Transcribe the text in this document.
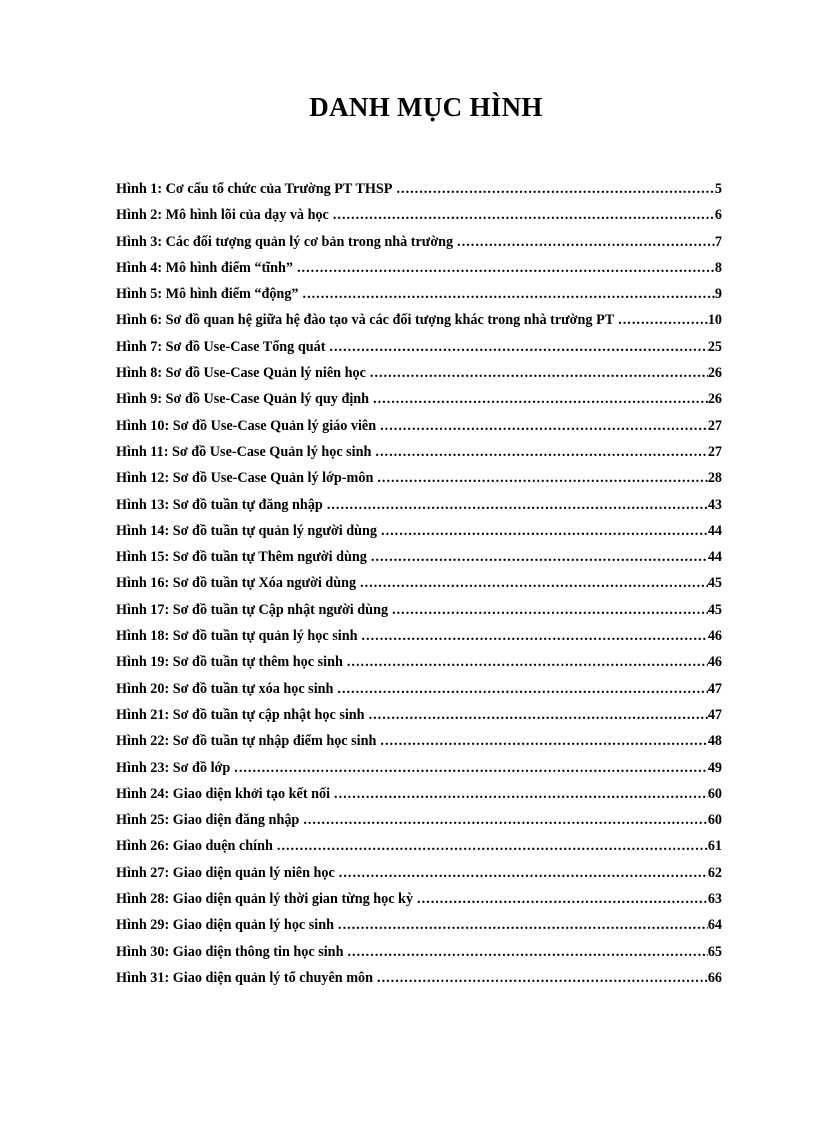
DANH MỤC HÌNH
Hình 1: Cơ cấu tổ chức của Trường PT THSP .....	5
Hình 2: Mô hình lõi của dạy và học .....	6
Hình 3: Các đối tượng quản lý cơ bản trong nhà trường .....	7
Hình 4: Mô hình điểm “tĩnh” .....	8
Hình 5: Mô hình điểm “động” .....	9
Hình 6: Sơ đồ quan hệ giữa hệ đào tạo và các đối tượng khác trong nhà trường PT .....	10
Hình 7: Sơ đồ Use-Case Tổng quát .....	25
Hình 8: Sơ đồ Use-Case Quản lý niên học .....	26
Hình 9: Sơ đồ Use-Case Quản lý quy định .....	26
Hình 10: Sơ đồ Use-Case Quản lý giáo viên .....	27
Hình 11: Sơ đồ Use-Case Quản lý học sinh .....	27
Hình 12: Sơ đồ Use-Case Quản lý lớp-môn .....	28
Hình 13: Sơ đồ tuần tự đăng nhập .....	43
Hình 14: Sơ đồ tuần tự quản lý người dùng .....	44
Hình 15: Sơ đồ tuần tự Thêm người dùng .....	44
Hình 16: Sơ đồ tuần tự Xóa người dùng .....	45
Hình 17: Sơ đồ tuần tự Cập nhật người dùng .....	45
Hình 18: Sơ đồ tuần tự quản lý học sinh .....	46
Hình 19: Sơ đồ tuần tự thêm học sinh .....	46
Hình 20: Sơ đồ tuần tự xóa học sinh .....	47
Hình 21: Sơ đồ tuần tự cập nhật học sinh .....	47
Hình 22: Sơ đồ tuần tự nhập điểm học sinh .....	48
Hình 23: Sơ đồ lớp .....	49
Hình 24: Giao diện khởi tạo kết nối .....	60
Hình 25: Giao diện đăng nhập .....	60
Hình 26: Giao duện chính .....	61
Hình 27: Giao diện quản lý niên học .....	62
Hình 28: Giao diện quản lý thời gian từng học kỳ .....	63
Hình 29: Giao diện quản lý học sinh .....	64
Hình 30: Giao diện thông tin học sinh .....	65
Hình 31: Giao diện quản lý tổ chuyên môn .....	66
